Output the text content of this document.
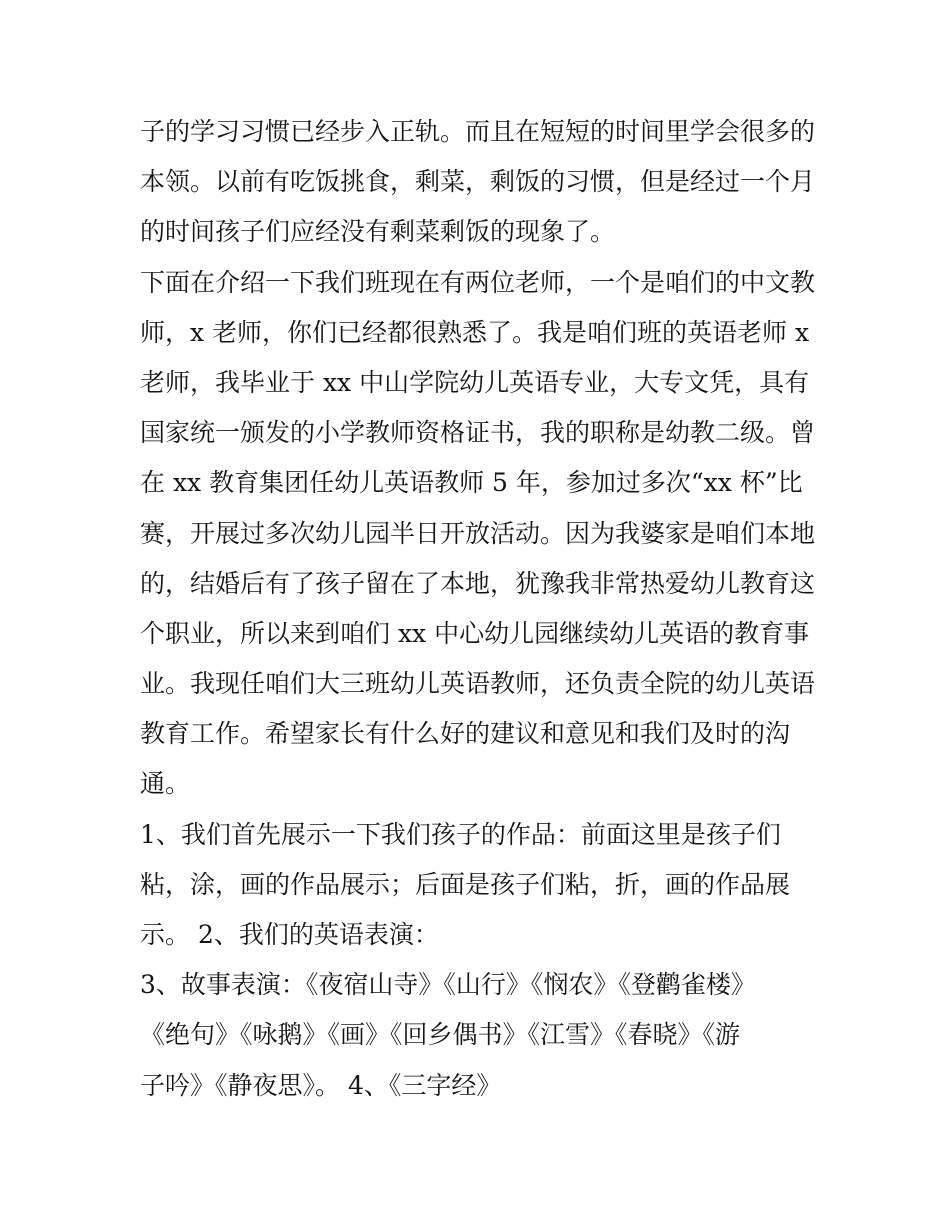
子的学习习惯已经步入正轨。而且在短短的时间里学会很多的
本领。以前有吃饭挑食，剩菜，剩饭的习惯，但是经过一个月
的时间孩子们应经没有剩菜剩饭的现象了。
下面在介绍一下我们班现在有两位老师，一个是咱们的中文教
师，x 老师，你们已经都很熟悉了。我是咱们班的英语老师 x
老师，我毕业于 xx 中山学院幼儿英语专业，大专文凭，具有
国家统一颁发的小学教师资格证书，我的职称是幼教二级。曾
在 xx 教育集团任幼儿英语教师 5 年，参加过多次“xx 杯”比
赛，开展过多次幼儿园半日开放活动。因为我婆家是咱们本地
的，结婚后有了孩子留在了本地，犹豫我非常热爱幼儿教育这
个职业，所以来到咱们 xx 中心幼儿园继续幼儿英语的教育事
业。我现任咱们大三班幼儿英语教师，还负责全院的幼儿英语
教育工作。希望家长有什么好的建议和意见和我们及时的沟
通。
1、我们首先展示一下我们孩子的作品：前面这里是孩子们
粘，涂，画的作品展示；后面是孩子们粘，折，画的作品展
示。 2、我们的英语表演：
3、故事表演：《夜宿山寺》《山行》《悯农》《登鹳雀楼》
《绝句》《咏鹅》《画》《回乡偶书》《江雪》《春晓》《游
子吟》《静夜思》。 4、《三字经》
